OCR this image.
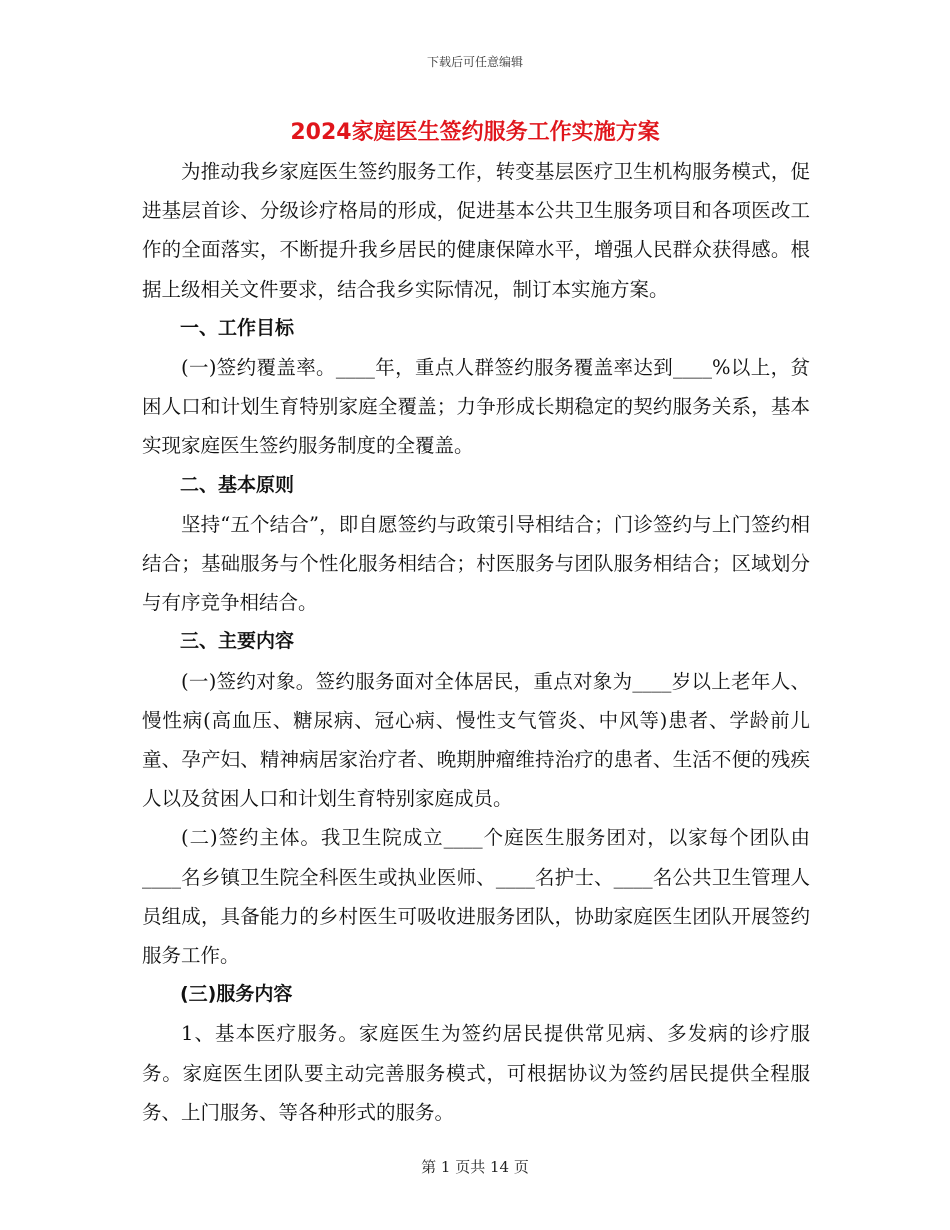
下载后可任意编辑
2024家庭医生签约服务工作实施方案

为推动我乡家庭医生签约服务工作，转变基层医疗卫生机构服务模式，促进基层首诊、分级诊疗格局的形成，促进基本公共卫生服务项目和各项医改工作的全面落实，不断提升我乡居民的健康保障水平，增强人民群众获得感。根据上级相关文件要求，结合我乡实际情况，制订本实施方案。

一、工作目标

(一)签约覆盖率。____年，重点人群签约服务覆盖率达到____%以上，贫困人口和计划生育特别家庭全覆盖；力争形成长期稳定的契约服务关系，基本实现家庭医生签约服务制度的全覆盖。

二、基本原则

坚持“五个结合”，即自愿签约与政策引导相结合；门诊签约与上门签约相结合；基础服务与个性化服务相结合；村医服务与团队服务相结合；区域划分与有序竞争相结合。

三、主要内容

(一)签约对象。签约服务面对全体居民，重点对象为____岁以上老年人、慢性病(高血压、糖尿病、冠心病、慢性支气管炎、中风等)患者、学龄前儿童、孕产妇、精神病居家治疗者、晚期肿瘤维持治疗的患者、生活不便的残疾人以及贫困人口和计划生育特别家庭成员。

(二)签约主体。我卫生院成立____个庭医生服务团对，以家每个团队由____名乡镇卫生院全科医生或执业医师、____名护士、____名公共卫生管理人员组成，具备能力的乡村医生可吸收进服务团队，协助家庭医生团队开展签约服务工作。

(三)服务内容

1、基本医疗服务。家庭医生为签约居民提供常见病、多发病的诊疗服务。家庭医生团队要主动完善服务模式，可根据协议为签约居民提供全程服务、上门服务、等各种形式的服务。

第 1 页共 14 页
